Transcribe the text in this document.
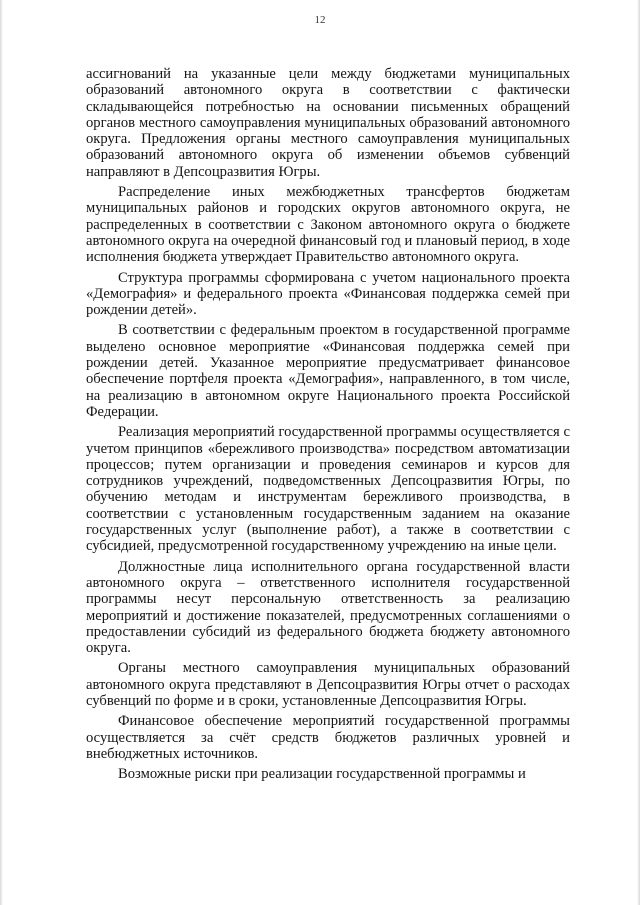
12

ассигнований на указанные цели между бюджетами муниципальных образований автономного округа в соответствии с фактически складывающейся потребностью на основании письменных обращений органов местного самоуправления муниципальных образований автономного округа. Предложения органы местного самоуправления муниципальных образований автономного округа об изменении объемов субвенций направляют в Депсоцразвития Югры.

Распределение иных межбюджетных трансфертов бюджетам муниципальных районов и городских округов автономного округа, не распределенных в соответствии с Законом автономного округа о бюджете автономного округа на очередной финансовый год и плановый период, в ходе исполнения бюджета утверждает Правительство автономного округа.

Структура программы сформирована с учетом национального проекта «Демография» и федерального проекта «Финансовая поддержка семей при рождении детей».

В соответствии с федеральным проектом в государственной программе выделено основное мероприятие «Финансовая поддержка семей при рождении детей. Указанное мероприятие предусматривает финансовое обеспечение портфеля проекта «Демография», направленного, в том числе, на реализацию в автономном округе Национального проекта Российской Федерации.

Реализация мероприятий государственной программы осуществляется с учетом принципов «бережливого производства» посредством автоматизации процессов; путем организации и проведения семинаров и курсов для сотрудников учреждений, подведомственных Депсоцразвития Югры, по обучению методам и инструментам бережливого производства, в соответствии с установленным государственным заданием на оказание государственных услуг (выполнение работ), а также в соответствии с субсидией, предусмотренной государственному учреждению на иные цели.

Должностные лица исполнительного органа государственной власти автономного округа – ответственного исполнителя государственной программы несут персональную ответственность за реализацию мероприятий и достижение показателей, предусмотренных соглашениями о предоставлении субсидий из федерального бюджета бюджету автономного округа.

Органы местного самоуправления муниципальных образований автономного округа представляют в Депсоцразвития Югры отчет о расходах субвенций по форме и в сроки, установленные Депсоцразвития Югры.

Финансовое обеспечение мероприятий государственной программы осуществляется за счёт средств бюджетов различных уровней и внебюджетных источников.

Возможные риски при реализации государственной программы и
